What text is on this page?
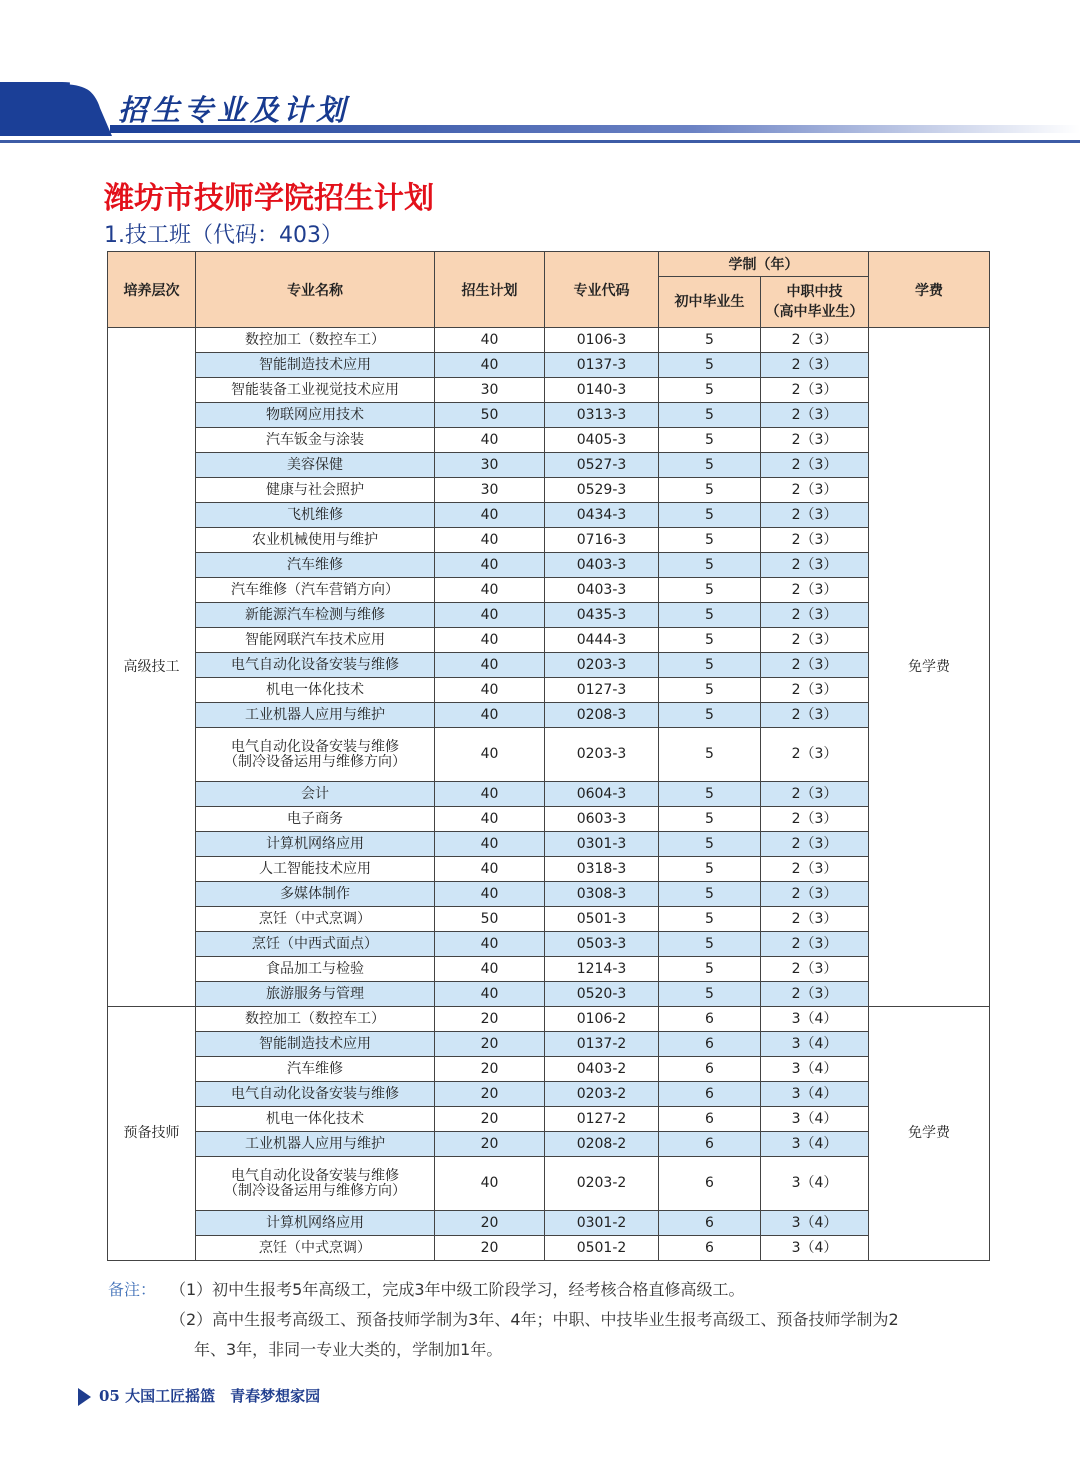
招生专业及计划
潍坊市技师学院招生计划
1.技工班（代码：403）
培养层次	专业名称	招生计划	专业代码	学制（年）		学费
				初中毕业生	中职中技
（高中毕业生）	
高级技工	数控加工（数控车工）	40	0106-3	5	2（3）	免学费
	智能制造技术应用	40	0137-3	5	2（3）	
	智能装备工业视觉技术应用	30	0140-3	5	2（3）	
	物联网应用技术	50	0313-3	5	2（3）	
	汽车钣金与涂装	40	0405-3	5	2（3）	
	美容保健	30	0527-3	5	2（3）	
	健康与社会照护	30	0529-3	5	2（3）	
	飞机维修	40	0434-3	5	2（3）	
	农业机械使用与维护	40	0716-3	5	2（3）	
	汽车维修	40	0403-3	5	2（3）	
	汽车维修（汽车营销方向）	40	0403-3	5	2（3）	
	新能源汽车检测与维修	40	0435-3	5	2（3）	
	智能网联汽车技术应用	40	0444-3	5	2（3）	
	电气自动化设备安装与维修	40	0203-3	5	2（3）	
	机电一体化技术	40	0127-3	5	2（3）	
	工业机器人应用与维护	40	0208-3	5	2（3）	
	电气自动化设备安装与维修
（制冷设备运用与维修方向）	40	0203-3	5	2（3）	
	会计	40	0604-3	5	2（3）	
	电子商务	40	0603-3	5	2（3）	
	计算机网络应用	40	0301-3	5	2（3）	
	人工智能技术应用	40	0318-3	5	2（3）	
	多媒体制作	40	0308-3	5	2（3）	
	烹饪（中式烹调）	50	0501-3	5	2（3）	
	烹饪（中西式面点）	40	0503-3	5	2（3）	
	食品加工与检验	40	1214-3	5	2（3）	
	旅游服务与管理	40	0520-3	5	2（3）	
预备技师	数控加工（数控车工）	20	0106-2	6	3（4）	免学费
	智能制造技术应用	20	0137-2	6	3（4）	
	汽车维修	20	0403-2	6	3（4）	
	电气自动化设备安装与维修	20	0203-2	6	3（4）	
	机电一体化技术	20	0127-2	6	3（4）	
	工业机器人应用与维护	20	0208-2	6	3（4）	
	电气自动化设备安装与维修
（制冷设备运用与维修方向）	40	0203-2	6	3（4）	
	计算机网络应用	20	0301-2	6	3（4）	
	烹饪（中式烹调）	20	0501-2	6	3（4）	
备注： （1）初中生报考5年高级工，完成3年中级工阶段学习，经考核合格直修高级工。
（2）高中生报考高级工、预备技师学制为3年、4年；中职、中技毕业生报考高级工、预备技师学制为2
年、3年，非同一专业大类的，学制加1年。
05 大国工匠摇篮　青春梦想家园
